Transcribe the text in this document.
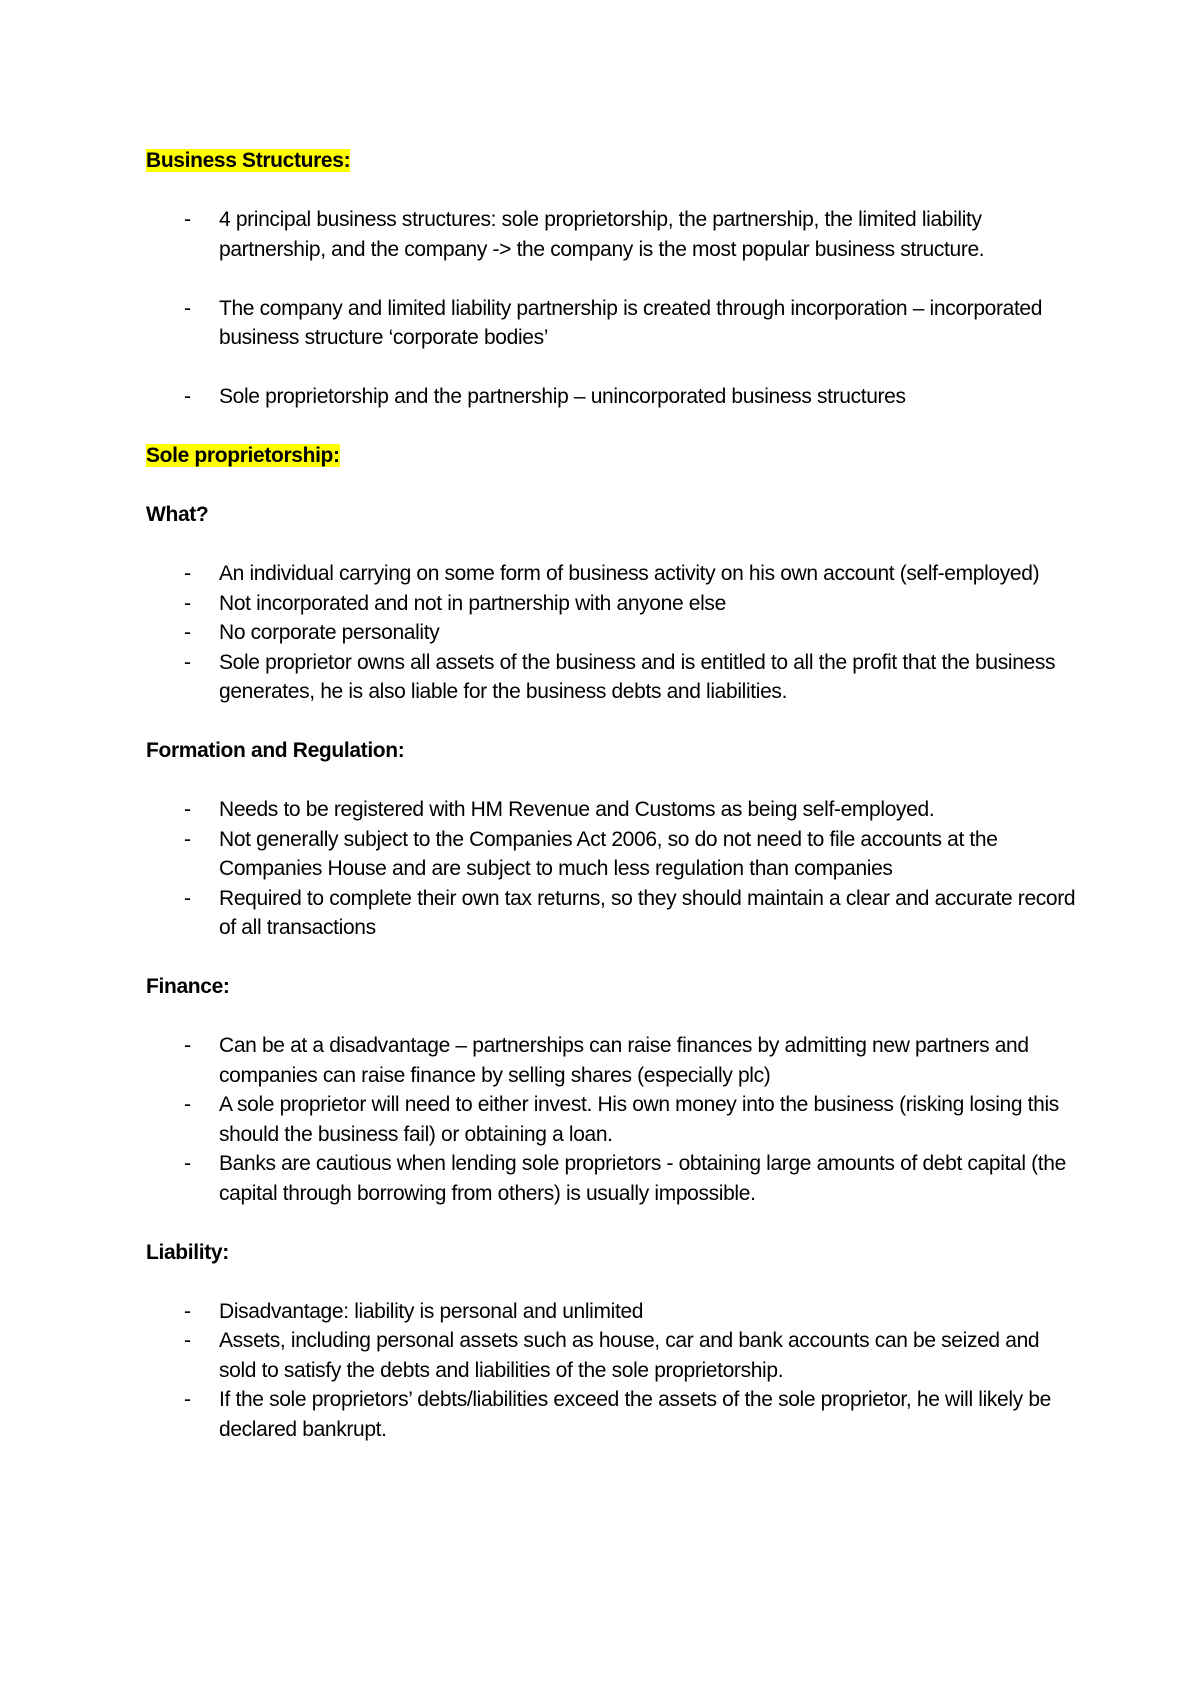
Business Structures:

- 4 principal business structures: sole proprietorship, the partnership, the limited liability partnership, and the company -> the company is the most popular business structure.
- The company and limited liability partnership is created through incorporation – incorporated business structure ‘corporate bodies’
- Sole proprietorship and the partnership – unincorporated business structures

Sole proprietorship:

What?

- An individual carrying on some form of business activity on his own account (self-employed)
- Not incorporated and not in partnership with anyone else
- No corporate personality
- Sole proprietor owns all assets of the business and is entitled to all the profit that the business generates, he is also liable for the business debts and liabilities.

Formation and Regulation:

- Needs to be registered with HM Revenue and Customs as being self-employed.
- Not generally subject to the Companies Act 2006, so do not need to file accounts at the Companies House and are subject to much less regulation than companies
- Required to complete their own tax returns, so they should maintain a clear and accurate record of all transactions

Finance:

- Can be at a disadvantage – partnerships can raise finances by admitting new partners and companies can raise finance by selling shares (especially plc)
- A sole proprietor will need to either invest. His own money into the business (risking losing this should the business fail) or obtaining a loan.
- Banks are cautious when lending sole proprietors - obtaining large amounts of debt capital (the capital through borrowing from others) is usually impossible.

Liability:

- Disadvantage: liability is personal and unlimited
- Assets, including personal assets such as house, car and bank accounts can be seized and sold to satisfy the debts and liabilities of the sole proprietorship.
- If the sole proprietors’ debts/liabilities exceed the assets of the sole proprietor, he will likely be declared bankrupt.
